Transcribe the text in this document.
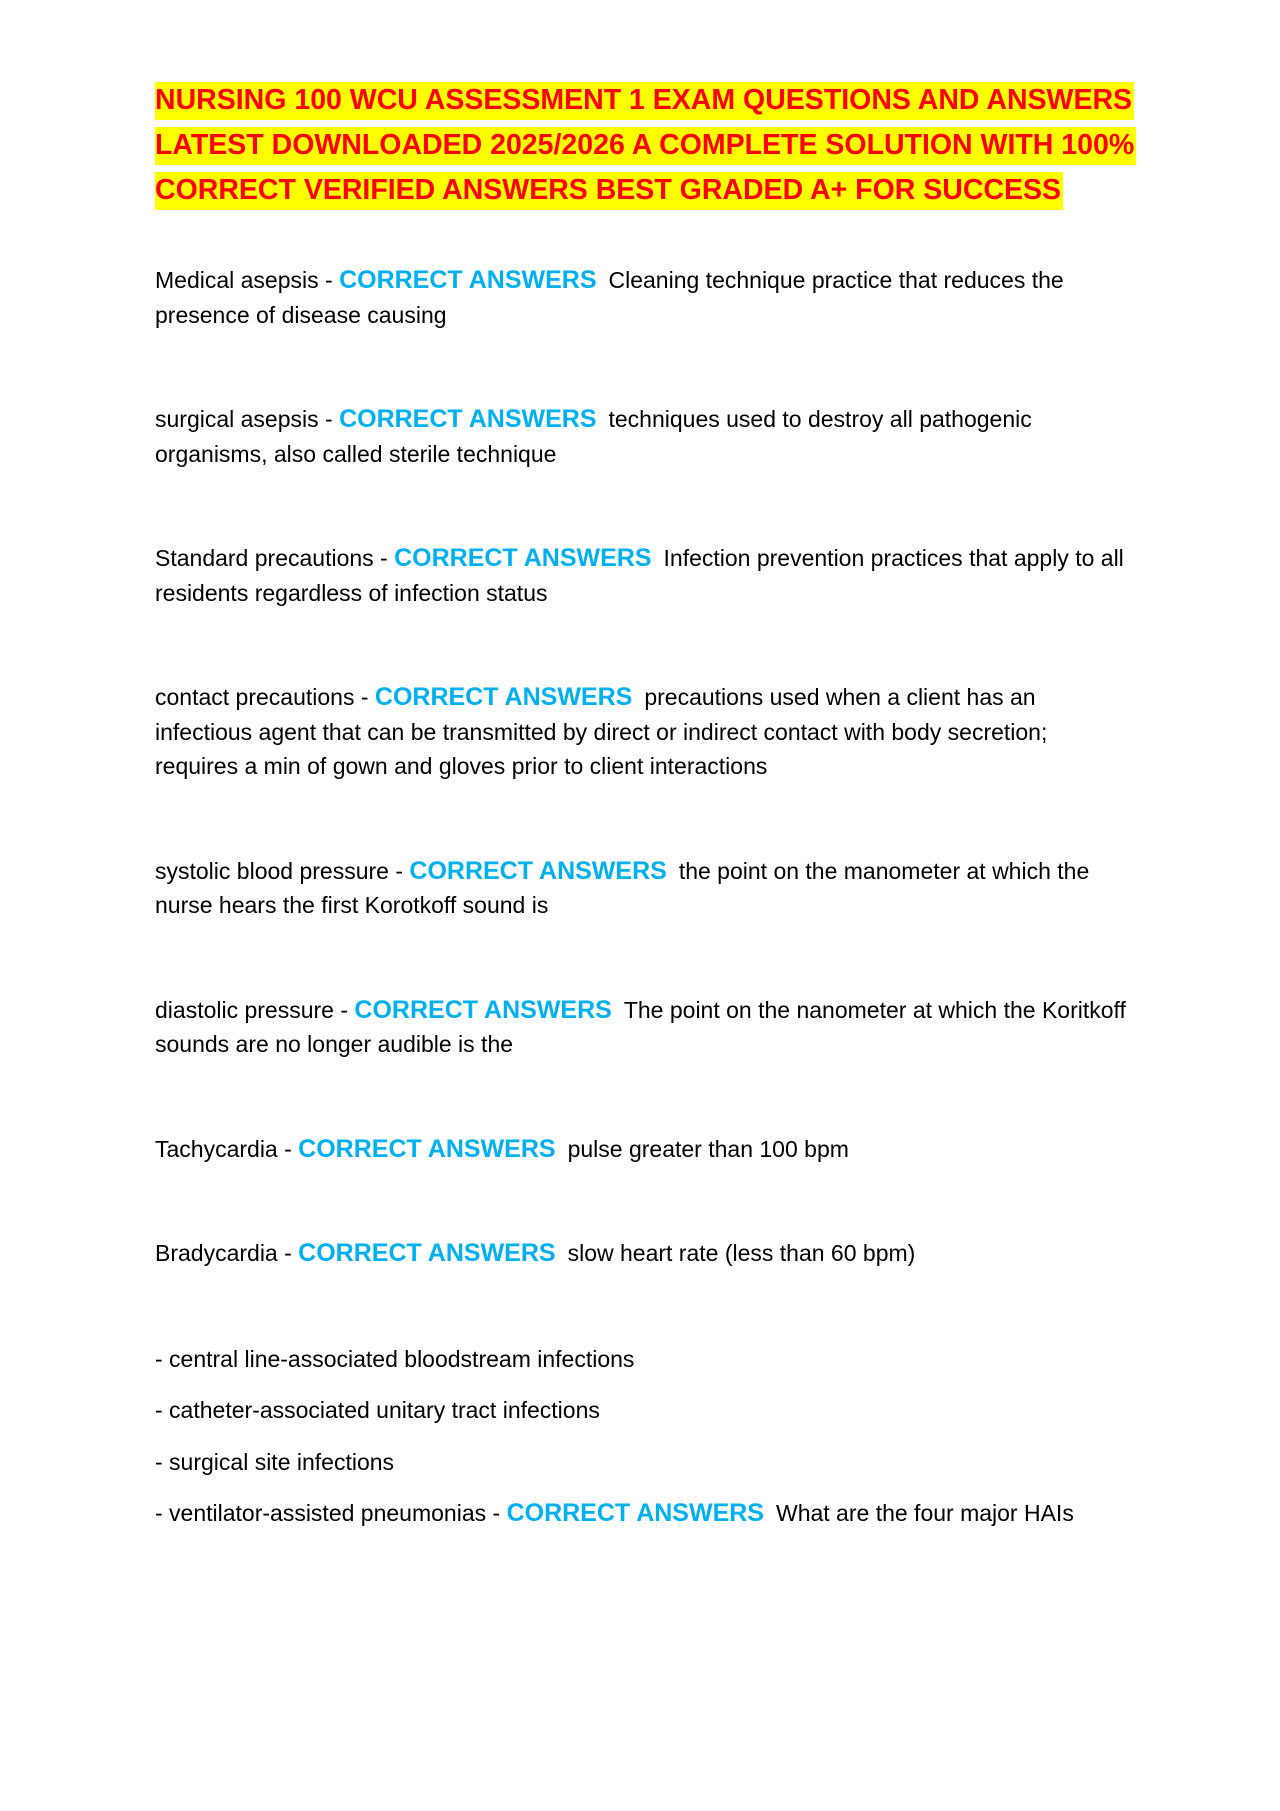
NURSING 100 WCU ASSESSMENT 1 EXAM QUESTIONS AND ANSWERS LATEST DOWNLOADED 2025/2026 A COMPLETE SOLUTION WITH 100% CORRECT VERIFIED ANSWERS BEST GRADED A+ FOR SUCCESS

Medical asepsis - CORRECT ANSWERS Cleaning technique practice that reduces the presence of disease causing

surgical asepsis - CORRECT ANSWERS techniques used to destroy all pathogenic organisms, also called sterile technique

Standard precautions - CORRECT ANSWERS Infection prevention practices that apply to all residents regardless of infection status

contact precautions - CORRECT ANSWERS precautions used when a client has an infectious agent that can be transmitted by direct or indirect contact with body secretion; requires a min of gown and gloves prior to client interactions

systolic blood pressure - CORRECT ANSWERS the point on the manometer at which the nurse hears the first Korotkoff sound is

diastolic pressure - CORRECT ANSWERS The point on the nanometer at which the Koritkoff sounds are no longer audible is the

Tachycardia - CORRECT ANSWERS pulse greater than 100 bpm

Bradycardia - CORRECT ANSWERS slow heart rate (less than 60 bpm)

- central line-associated bloodstream infections

- catheter-associated unitary tract infections

- surgical site infections

- ventilator-assisted pneumonias - CORRECT ANSWERS What are the four major HAIs
